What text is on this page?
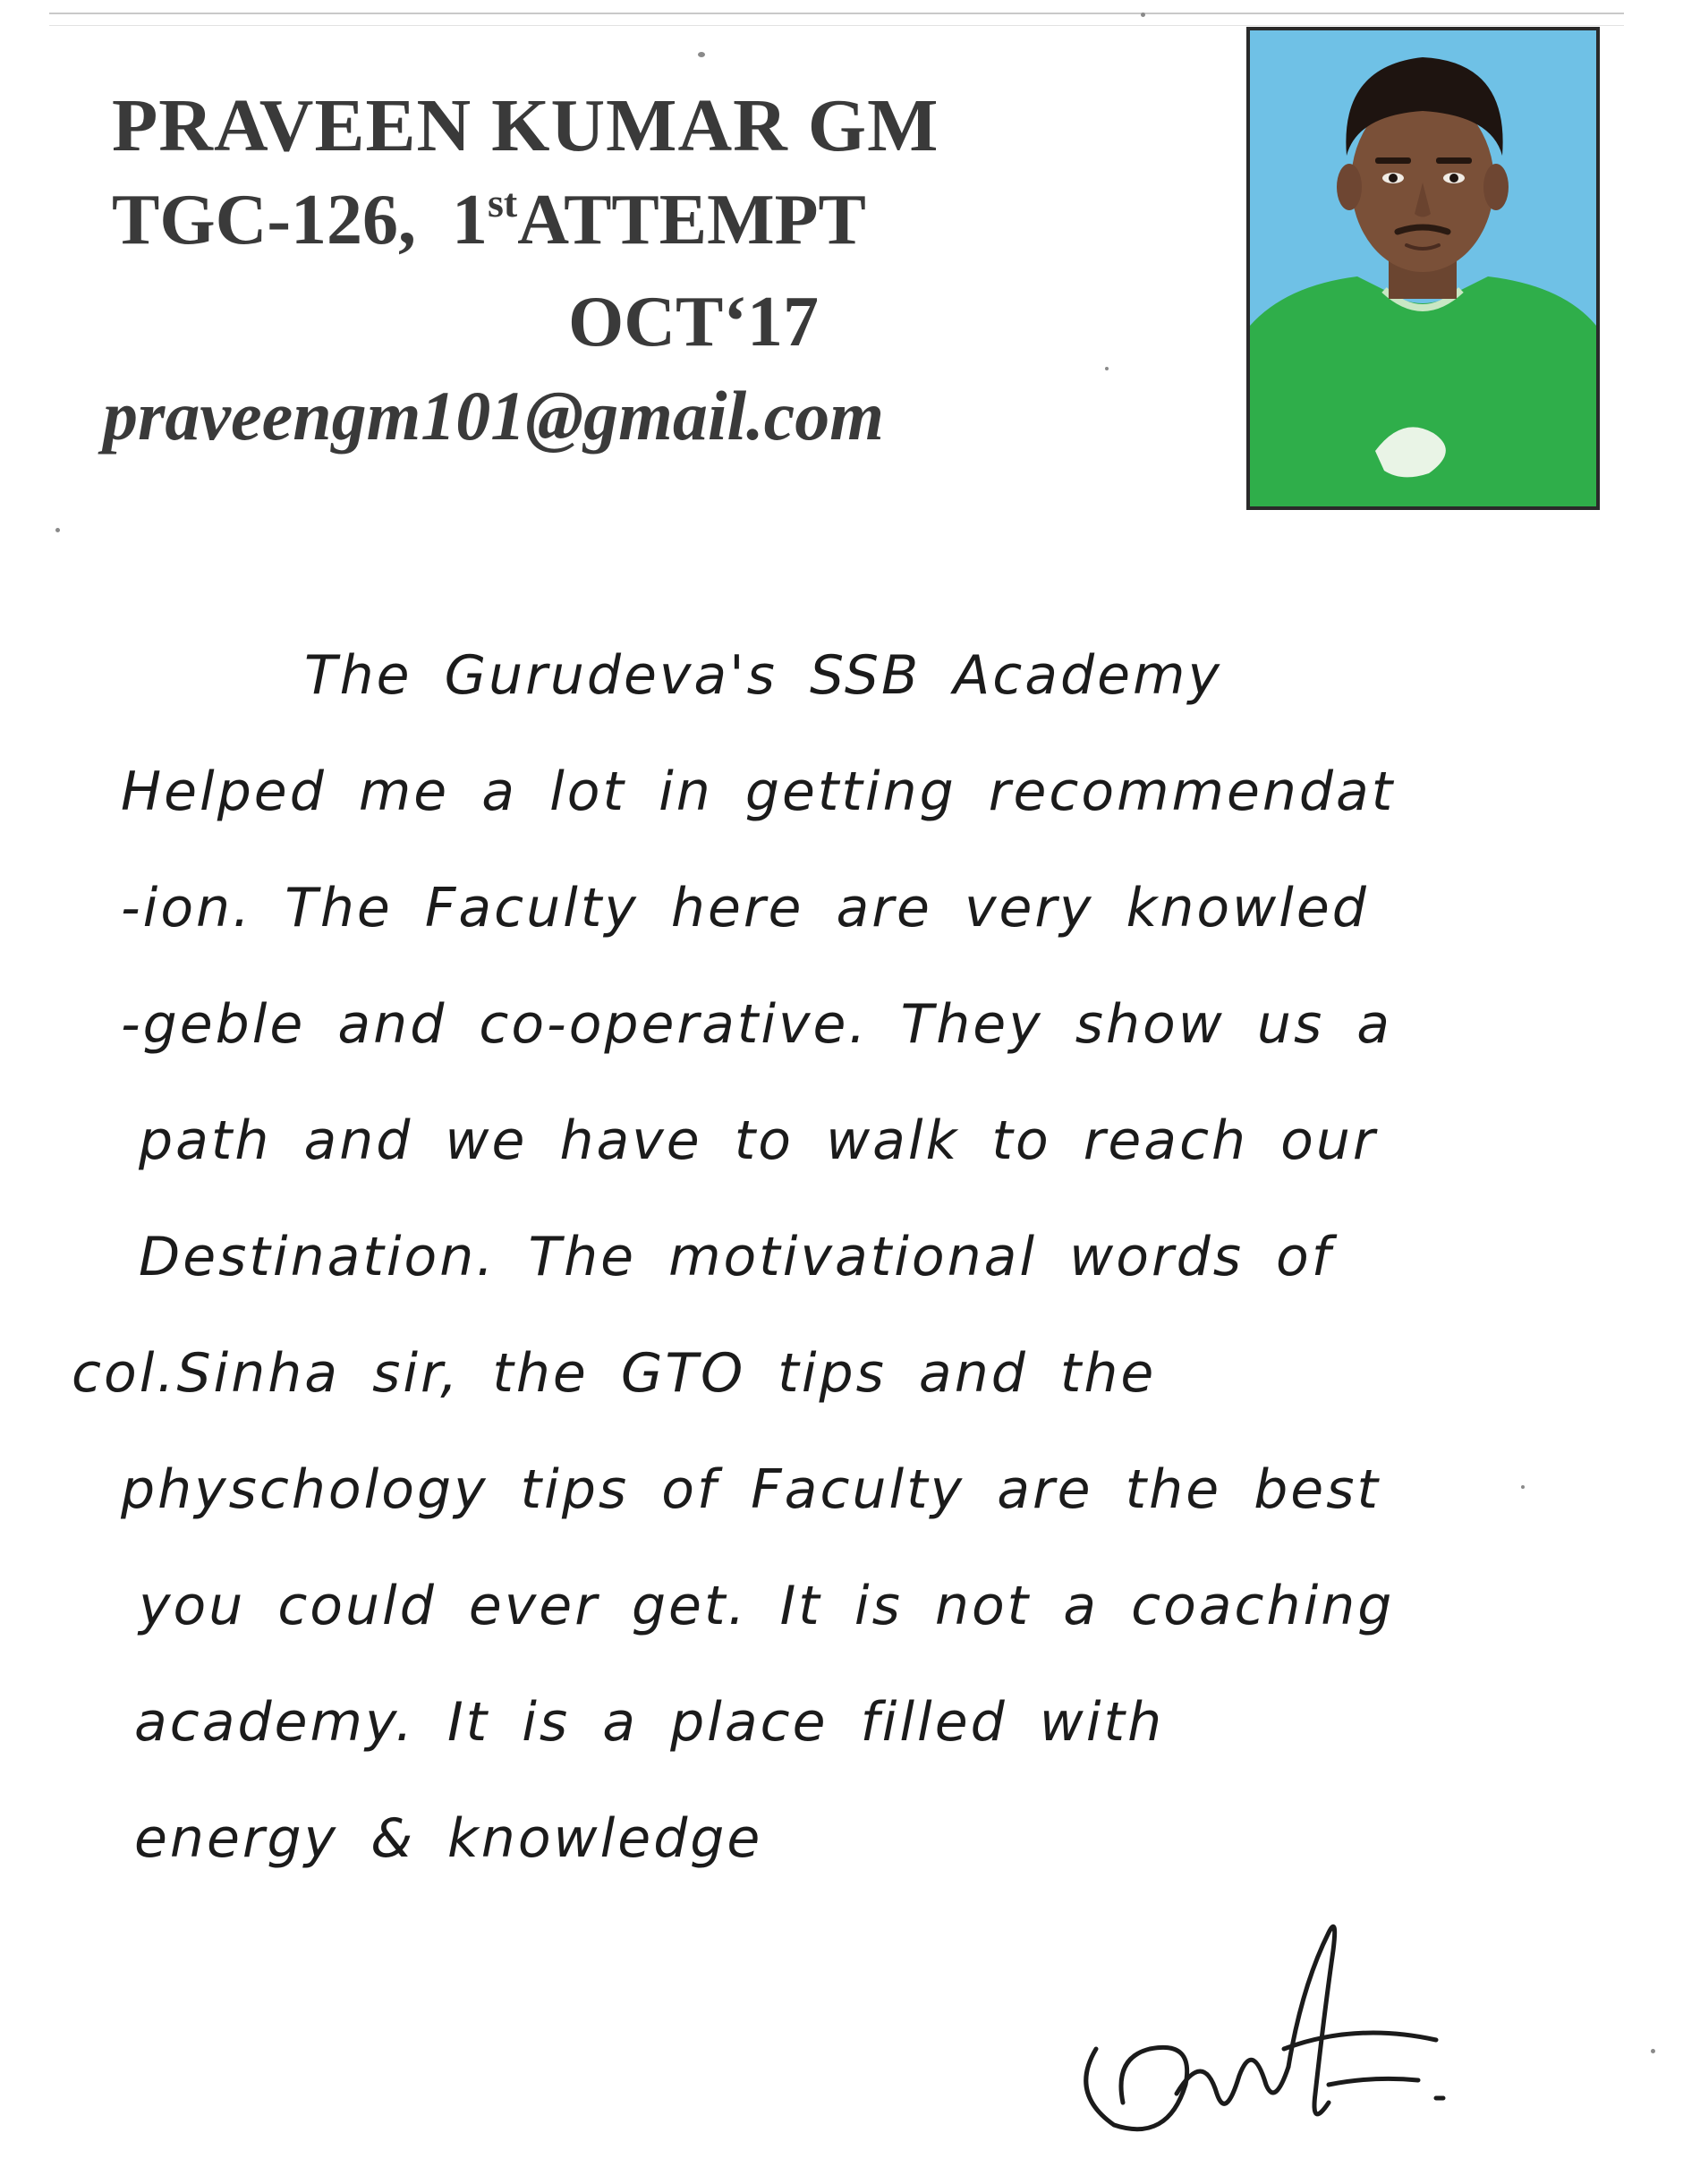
PRAVEEN KUMAR GM

TGC-126, 1stATTEMPT

OCT‘17

praveengm101@gmail.com

The Gurudeva's SSB Academy
Helped me a lot in getting recommendat
-ion. The Faculty here are very knowled
-geble and co-operative. They show us a
path and we have to walk to reach our
Destination. The motivational words of
col.Sinha sir, the GTO tips and the
physchology tips of Faculty are the best
you could ever get. It is not a coaching
academy. It is a place filled with
energy & knowledge
